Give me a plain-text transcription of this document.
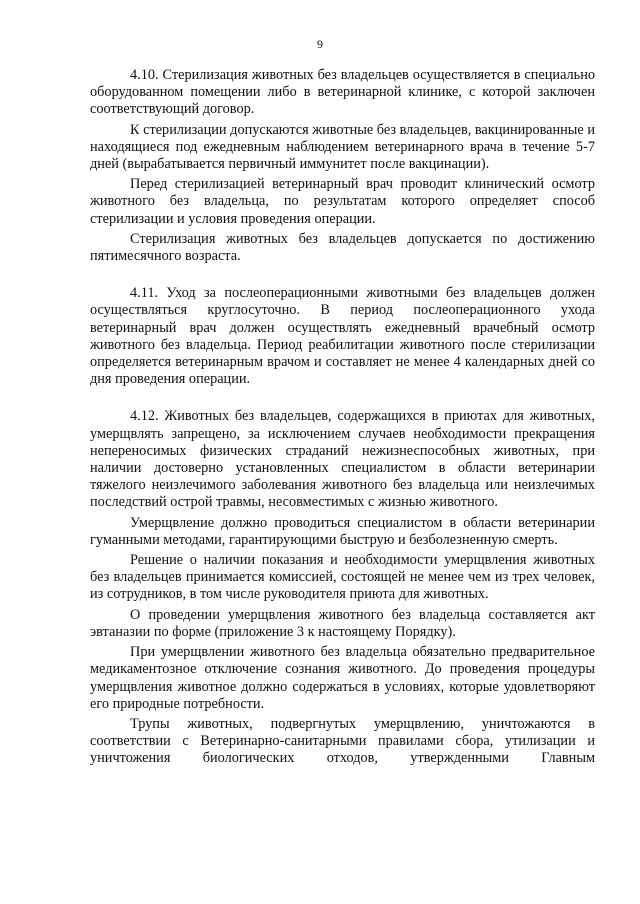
9

4.10. Стерилизация животных без владельцев осуществляется в специально оборудованном помещении либо в ветеринарной клинике, с которой заключен соответствующий договор.

К стерилизации допускаются животные без владельцев, вакцинированные и находящиеся под ежедневным наблюдением ветеринарного врача в течение 5-7 дней (вырабатывается первичный иммунитет после вакцинации).

Перед стерилизацией ветеринарный врач проводит клинический осмотр животного без владельца, по результатам которого определяет способ стерилизации и условия проведения операции.

Стерилизация животных без владельцев допускается по достижению пятимесячного возраста.

4.11. Уход за послеоперационными животными без владельцев должен осуществляться круглосуточно. В период послеоперационного ухода ветеринарный врач должен осуществлять ежедневный врачебный осмотр животного без владельца. Период реабилитации животного после стерилизации определяется ветеринарным врачом и составляет не менее 4 календарных дней со дня проведения операции.

4.12. Животных без владельцев, содержащихся в приютах для животных, умерщвлять запрещено, за исключением случаев необходимости прекращения непереносимых физических страданий нежизнеспособных животных, при наличии достоверно установленных специалистом в области ветеринарии тяжелого неизлечимого заболевания животного без владельца или неизлечимых последствий острой травмы, несовместимых с жизнью животного.

Умерщвление должно проводиться специалистом в области ветеринарии гуманными методами, гарантирующими быструю и безболезненную смерть.

Решение о наличии показания и необходимости умерщвления животных без владельцев принимается комиссией, состоящей не менее чем из трех человек, из сотрудников, в том числе руководителя приюта для животных.

О проведении умерщвления животного без владельца составляется акт эвтаназии по форме (приложение 3 к настоящему Порядку).

При умерщвлении животного без владельца обязательно предварительное медикаментозное отключение сознания животного. До проведения процедуры умерщвления животное должно содержаться в условиях, которые удовлетворяют его природные потребности.

Трупы животных, подвергнутых умерщвлению, уничтожаются в соответствии с Ветеринарно-санитарными правилами сбора, утилизации и уничтожения биологических отходов, утвержденными Главным
